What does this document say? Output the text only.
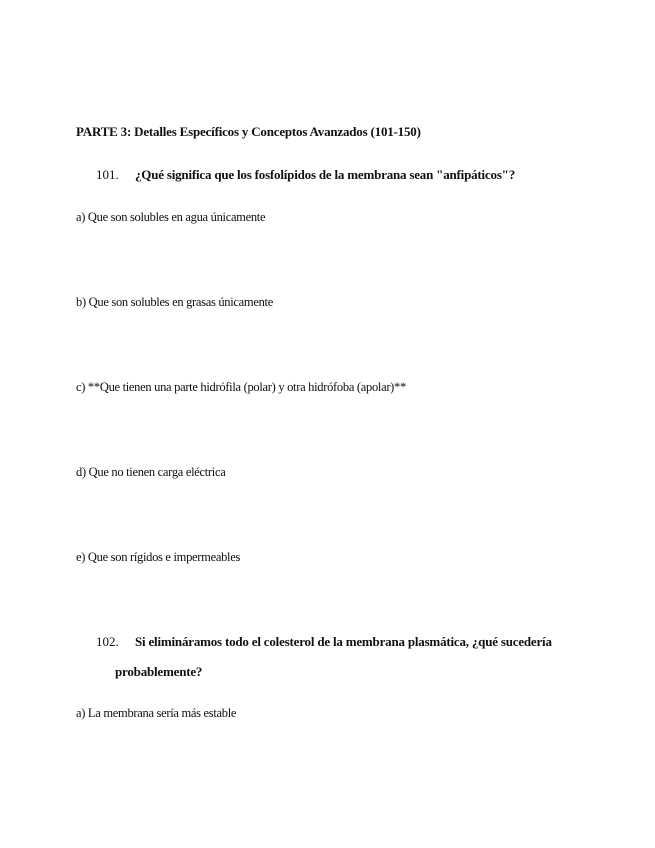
PARTE 3: Detalles Específicos y Conceptos Avanzados (101-150)
101. ¿Qué significa que los fosfolípidos de la membrana sean "anfipáticos"?
a) Que son solubles en agua únicamente
b) Que son solubles en grasas únicamente
c) **Que tienen una parte hidrófila (polar) y otra hidrófoba (apolar)**
d) Que no tienen carga eléctrica
e) Que son rígidos e impermeables
102. Si elimináramos todo el colesterol de la membrana plasmática, ¿qué sucedería
probablemente?
a) La membrana sería más estable
